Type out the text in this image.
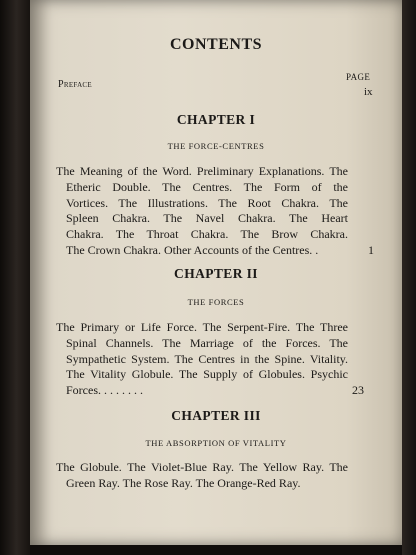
CONTENTS
PAGE
Preface
ix
CHAPTER I
THE FORCE-CENTRES

The Meaning of the Word. Preliminary Explanations. The

Etheric Double. The Centres. The Form of the

Vortices. The Illustrations. The Root Chakra. The

Spleen Chakra. The Navel Chakra. The Heart

Chakra. The Throat Chakra. The Brow Chakra.

The Crown Chakra. Other Accounts of the Centres. .	1
CHAPTER II
THE FORCES

The Primary or Life Force. The Serpent-Fire. The Three

Spinal Channels. The Marriage of the Forces. The

Sympathetic System. The Centres in the Spine. Vitality.

The Vitality Globule. The Supply of Globules. Psychic

Forces. . . . . . . .	23
CHAPTER III
THE ABSORPTION OF VITALITY

The Globule. The Violet-Blue Ray. The Yellow Ray. The

Green Ray. The Rose Ray. The Orange-Red Ray.
